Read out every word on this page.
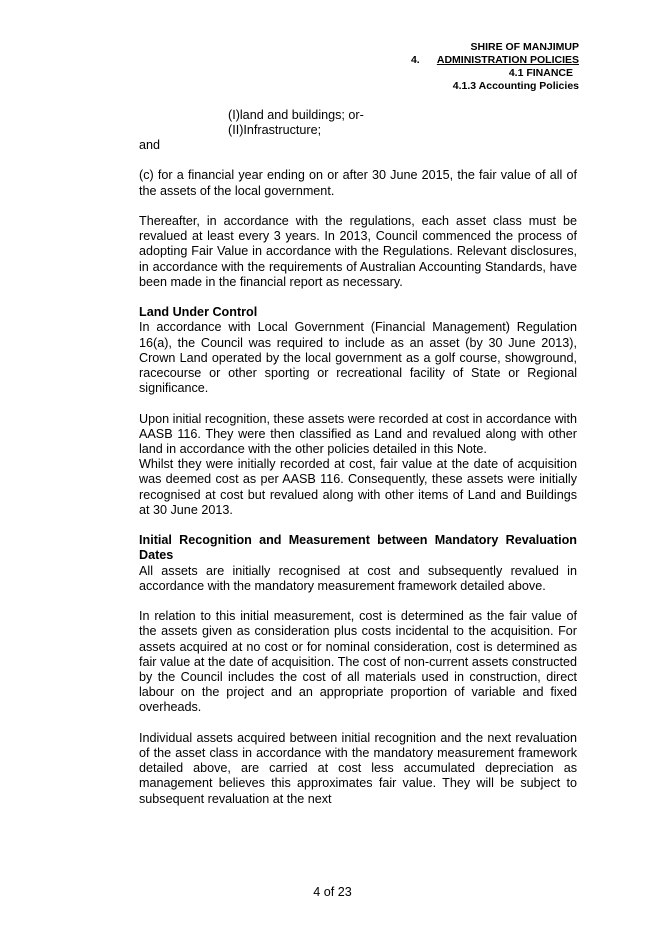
SHIRE OF MANJIMUP
4. ADMINISTRATION POLICIES
4.1 FINANCE
4.1.3 Accounting Policies
(I)land and buildings; or-
(II)Infrastructure;

and

(c) for a financial year ending on or after 30 June 2015, the fair value of all of the assets of the local government.

Thereafter, in accordance with the regulations, each asset class must be revalued at least every 3 years. In 2013, Council commenced the process of adopting Fair Value in accordance with the Regulations. Relevant disclosures, in accordance with the requirements of Australian Accounting Standards, have been made in the financial report as necessary.

Land Under Control

In accordance with Local Government (Financial Management) Regulation 16(a), the Council was required to include as an asset (by 30 June 2013), Crown Land operated by the local government as a golf course, showground, racecourse or other sporting or recreational facility of State or Regional significance.

Upon initial recognition, these assets were recorded at cost in accordance with AASB 116. They were then classified as Land and revalued along with other land in accordance with the other policies detailed in this Note.

Whilst they were initially recorded at cost, fair value at the date of acquisition was deemed cost as per AASB 116. Consequently, these assets were initially recognised at cost but revalued along with other items of Land and Buildings at 30 June 2013.

Initial Recognition and Measurement between Mandatory Revaluation Dates

All assets are initially recognised at cost and subsequently revalued in accordance with the mandatory measurement framework detailed above.

In relation to this initial measurement, cost is determined as the fair value of the assets given as consideration plus costs incidental to the acquisition. For assets acquired at no cost or for nominal consideration, cost is determined as fair value at the date of acquisition. The cost of non-current assets constructed by the Council includes the cost of all materials used in construction, direct labour on the project and an appropriate proportion of variable and fixed overheads.

Individual assets acquired between initial recognition and the next revaluation of the asset class in accordance with the mandatory measurement framework detailed above, are carried at cost less accumulated depreciation as management believes this approximates fair value. They will be subject to subsequent revaluation at the next

4 of 23
